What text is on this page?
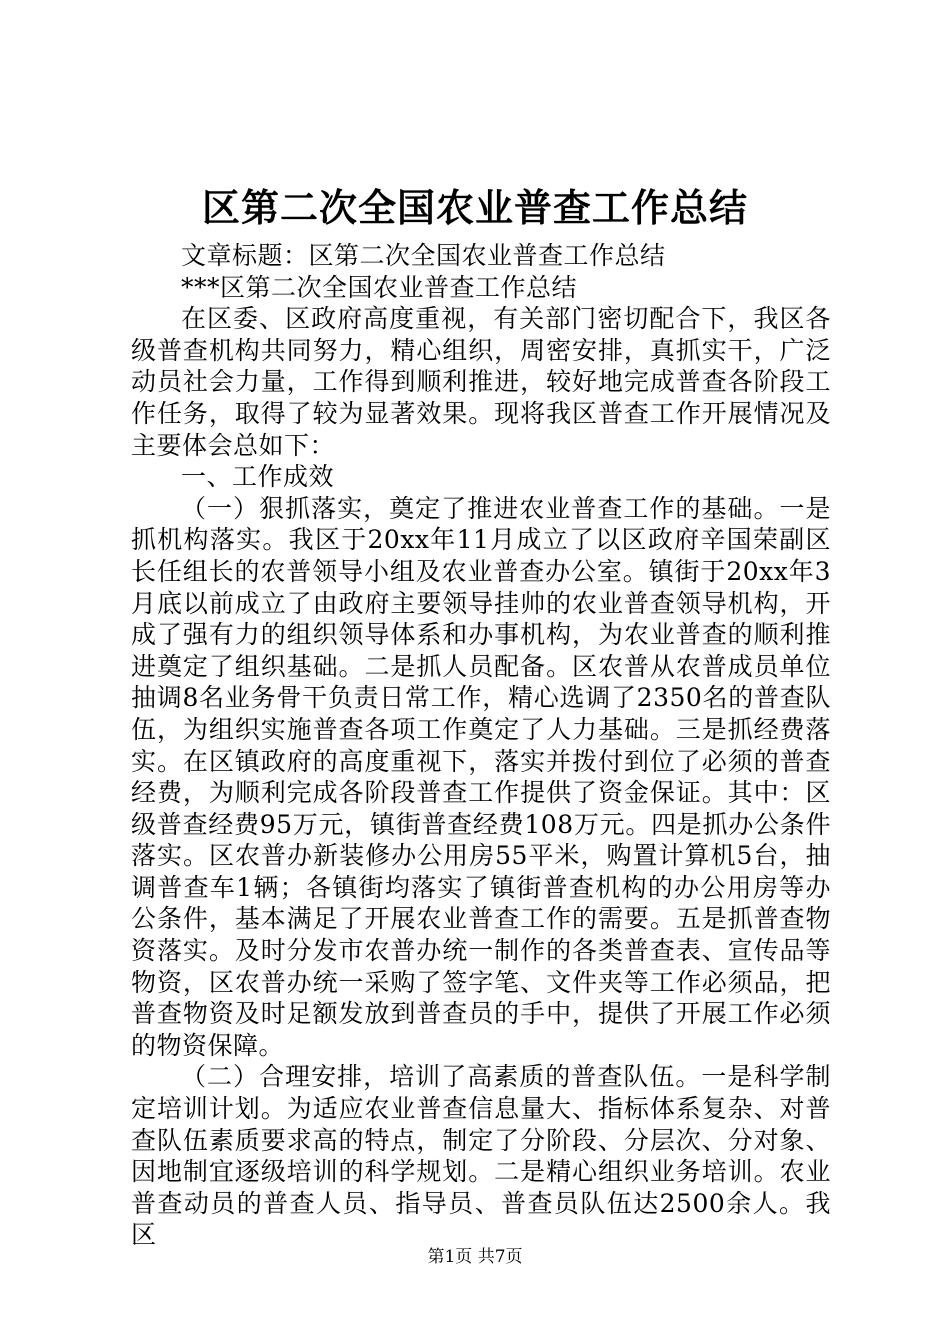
区第二次全国农业普查工作总结

文章标题：区第二次全国农业普查工作总结

***区第二次全国农业普查工作总结

在区委、区政府高度重视，有关部门密切配合下，我区各级普查机构共同努力，精心组织，周密安排，真抓实干，广泛动员社会力量，工作得到顺利推进，较好地完成普查各阶段工作任务，取得了较为显著效果。现将我区普查工作开展情况及主要体会总如下：

一、工作成效

（一）狠抓落实，奠定了推进农业普查工作的基础。一是抓机构落实。我区于20xx年11月成立了以区政府辛国荣副区长任组长的农普领导小组及农业普查办公室。镇街于20xx年3月底以前成立了由政府主要领导挂帅的农业普查领导机构，开成了强有力的组织领导体系和办事机构，为农业普查的顺利推进奠定了组织基础。二是抓人员配备。区农普从农普成员单位抽调8名业务骨干负责日常工作，精心选调了2350名的普查队伍，为组织实施普查各项工作奠定了人力基础。三是抓经费落实。在区镇政府的高度重视下，落实并拨付到位了必须的普查经费，为顺利完成各阶段普查工作提供了资金保证。其中：区级普查经费95万元，镇街普查经费108万元。四是抓办公条件落实。区农普办新装修办公用房55平米，购置计算机5台，抽调普查车1辆；各镇街均落实了镇街普查机构的办公用房等办公条件，基本满足了开展农业普查工作的需要。五是抓普查物资落实。及时分发市农普办统一制作的各类普查表、宣传品等物资，区农普办统一采购了签字笔、文件夹等工作必须品，把普查物资及时足额发放到普查员的手中，提供了开展工作必须的物资保障。

（二）合理安排，培训了高素质的普查队伍。一是科学制定培训计划。为适应农业普查信息量大、指标体系复杂、对普查队伍素质要求高的特点，制定了分阶段、分层次、分对象、因地制宜逐级培训的科学规划。二是精心组织业务培训。农业普查动员的普查人员、指导员、普查员队伍达2500余人。我区

第1页 共7页
